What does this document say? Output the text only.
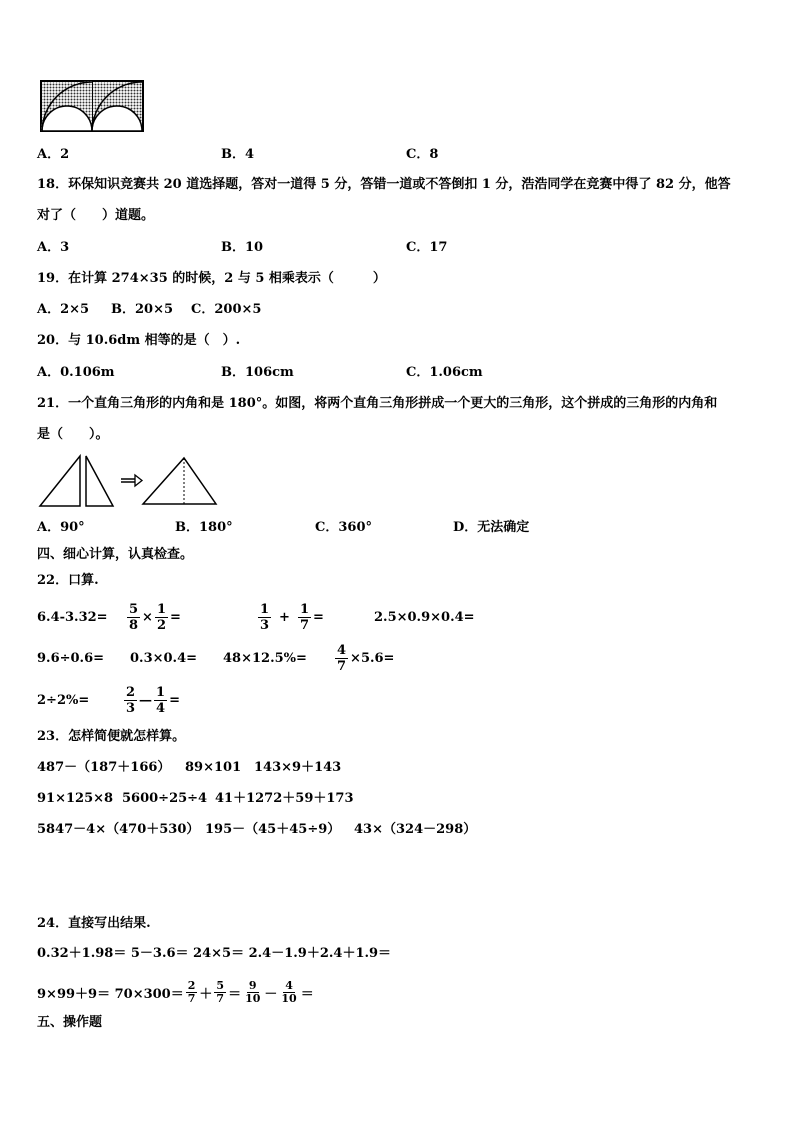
A．2	B．4	C．8
18．环保知识竞赛共 20 道选择题，答对一道得 5 分，答错一道或不答倒扣 1 分，浩浩同学在竞赛中得了 82 分，他答
对了（　　）道题。
A．3	B．10	C．17
19．在计算 274×35 的时候，2 与 5 相乘表示（　　　）
A．2×5 B．20×5 C．200×5
20．与 10.6dm 相等的是（　）.
A．0.106m	B．106cm	C．1.06cm
21．一个直角三角形的内角和是 180°。如图，将两个直角三角形拼成一个更大的三角形，这个拼成的三角形的内角和
是（　　）。
A．90°	B．180°	C．360°	D．无法确定
四、细心计算，认真检查。
22．口算.
$6.4-3.32= \frac{5}{8} \times \frac{1}{2}$ =	$\frac{1}{3} + \frac{1}{7}$ =	2.5×0.9×0.4=
$9.6\div 0.6= 0.3\times 0.4= 48\times 12.5\%= \frac{4}{7} \times 5.6=$
2÷2%=	$\frac{2}{3}$ — $\frac{1}{4}$ =
23．怎样简便就怎样算。
487－（187＋166） 89×101 143×9＋143
91×125×8 5600÷25÷4 41＋1272＋59＋173
5847－4×（470＋530） 195－（45＋45÷9） 43×（324－298）
24．直接写出结果.
0.32＋1.98＝ 5－3.6＝ 24×5＝ 2.4－1.9＋2.4＋1.9＝
$9\times 99+9= 70\times 300= \frac{2}{7} + \frac{5}{7} = \frac{9}{10} - \frac{4}{10}$ ＝
五、操作题
